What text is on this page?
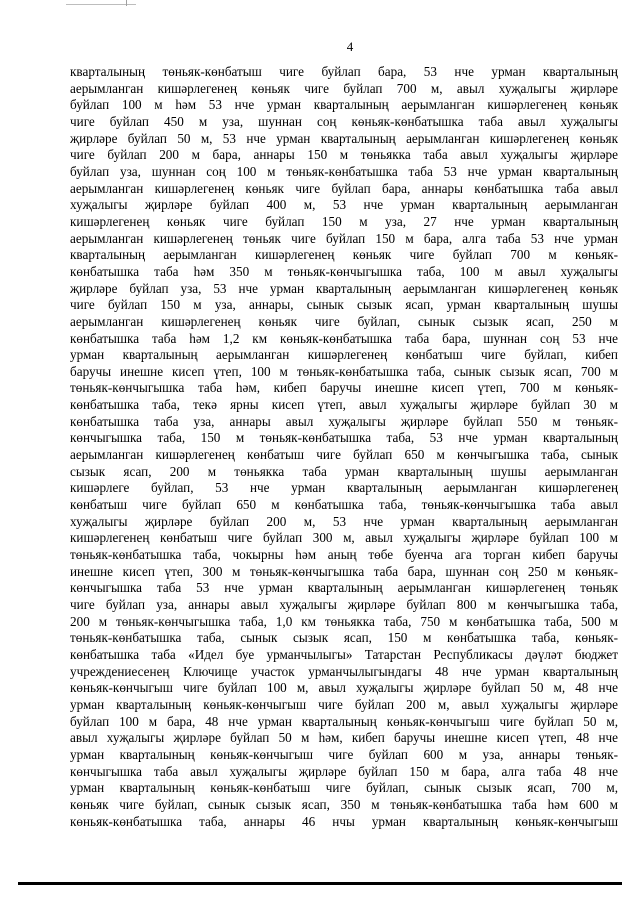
4
кварталының төньяк-көнбатыш чиге буйлап бара, 53 нче урман кварталының
аерымланган кишәрлегенең көньяк чиге буйлап 700 м, авыл хуҗалыгы җирләре
буйлап 100 м һәм 53 нче урман кварталының аерымланган кишәрлегенең көньяк
чиге буйлап 450 м уза, шуннан соң көньяк-көнбатышка таба авыл хуҗалыгы
җирләре буйлап 50 м, 53 нче урман кварталының аерымланган кишәрлегенең көньяк
чиге буйлап 200 м бара, аннары 150 м төньякка таба авыл хуҗалыгы җирләре
буйлап уза, шуннан соң 100 м төньяк-көнбатышка таба 53 нче урман кварталының
аерымланган кишәрлегенең көньяк чиге буйлап бара, аннары көнбатышка таба авыл
хуҗалыгы җирләре буйлап 400 м, 53 нче урман кварталының аерымланган
кишәрлегенең көньяк чиге буйлап 150 м уза, 27 нче урман кварталының
аерымланган кишәрлегенең төньяк чиге буйлап 150 м бара, алга таба 53 нче урман
кварталының аерымланган кишәрлегенең көньяк чиге буйлап 700 м көньяк-
көнбатышка таба һәм 350 м төньяк-көнчыгышка таба, 100 м авыл хуҗалыгы
җирләре буйлап уза, 53 нче урман кварталының аерымланган кишәрлегенең көньяк
чиге буйлап 150 м уза, аннары, сынык сызык ясап, урман кварталының шушы
аерымланган кишәрлегенең көньяк чиге буйлап, сынык сызык ясап, 250 м
көнбатышка таба һәм 1,2 км көньяк-көнбатышка таба бара, шуннан соң 53 нче
урман кварталының аерымланган кишәрлегенең көнбатыш чиге буйлап, кибеп
баручы инешне кисеп үтеп, 100 м төньяк-көнбатышка таба, сынык сызык ясап, 700 м
төньяк-көнчыгышка таба һәм, кибеп баручы инешне кисеп үтеп, 700 м көньяк-
көнбатышка таба, текә ярны кисеп үтеп, авыл хуҗалыгы җирләре буйлап 30 м
көнбатышка таба уза, аннары авыл хуҗалыгы җирләре буйлап 550 м төньяк-
көнчыгышка таба, 150 м төньяк-көнбатышка таба, 53 нче урман кварталының
аерымланган кишәрлегенең көнбатыш чиге буйлап 650 м көнчыгышка таба, сынык
сызык ясап, 200 м төньякка таба урман кварталының шушы аерымланган
кишәрлеге буйлап, 53 нче урман кварталының аерымланган кишәрлегенең
көнбатыш чиге буйлап 650 м көнбатышка таба, төньяк-көнчыгышка таба авыл
хуҗалыгы җирләре буйлап 200 м, 53 нче урман кварталының аерымланган
кишәрлегенең көнбатыш чиге буйлап 300 м, авыл хуҗалыгы җирләре буйлап 100 м
төньяк-көнбатышка таба, чокырны һәм аның төбе буенча ага торган кибеп баручы
инешне кисеп үтеп, 300 м төньяк-көнчыгышка таба бара, шуннан соң 250 м көньяк-
көнчыгышка таба 53 нче урман кварталының аерымланган кишәрлегенең төньяк
чиге буйлап уза, аннары авыл хуҗалыгы җирләре буйлап 800 м көнчыгышка таба,
200 м төньяк-көнчыгышка таба, 1,0 км төньякка таба, 750 м көнбатышка таба, 500 м
төньяк-көнбатышка таба, сынык сызык ясап, 150 м көнбатышка таба, көньяк-
көнбатышка таба «Идел буе урманчылыгы» Татарстан Республикасы дәүләт бюджет
учреждениесенең Ключище участок урманчылыгындагы 48 нче урман кварталының
көньяк-көнчыгыш чиге буйлап 100 м, авыл хуҗалыгы җирләре буйлап 50 м, 48 нче
урман кварталының көньяк-көнчыгыш чиге буйлап 200 м, авыл хуҗалыгы җирләре
буйлап 100 м бара, 48 нче урман кварталының көньяк-көнчыгыш чиге буйлап 50 м,
авыл хуҗалыгы җирләре буйлап 50 м һәм, кибеп баручы инешне кисеп үтеп, 48 нче
урман кварталының көньяк-көнчыгыш чиге буйлап 600 м уза, аннары төньяк-
көнчыгышка таба авыл хуҗалыгы җирләре буйлап 150 м бара, алга таба 48 нче
урман кварталының көньяк-көнбатыш чиге буйлап, сынык сызык ясап, 700 м,
көньяк чиге буйлап, сынык сызык ясап, 350 м төньяк-көнбатышка таба һәм 600 м
көньяк-көнбатышка таба, аннары 46 нчы урман кварталының көньяк-көнчыгыш
